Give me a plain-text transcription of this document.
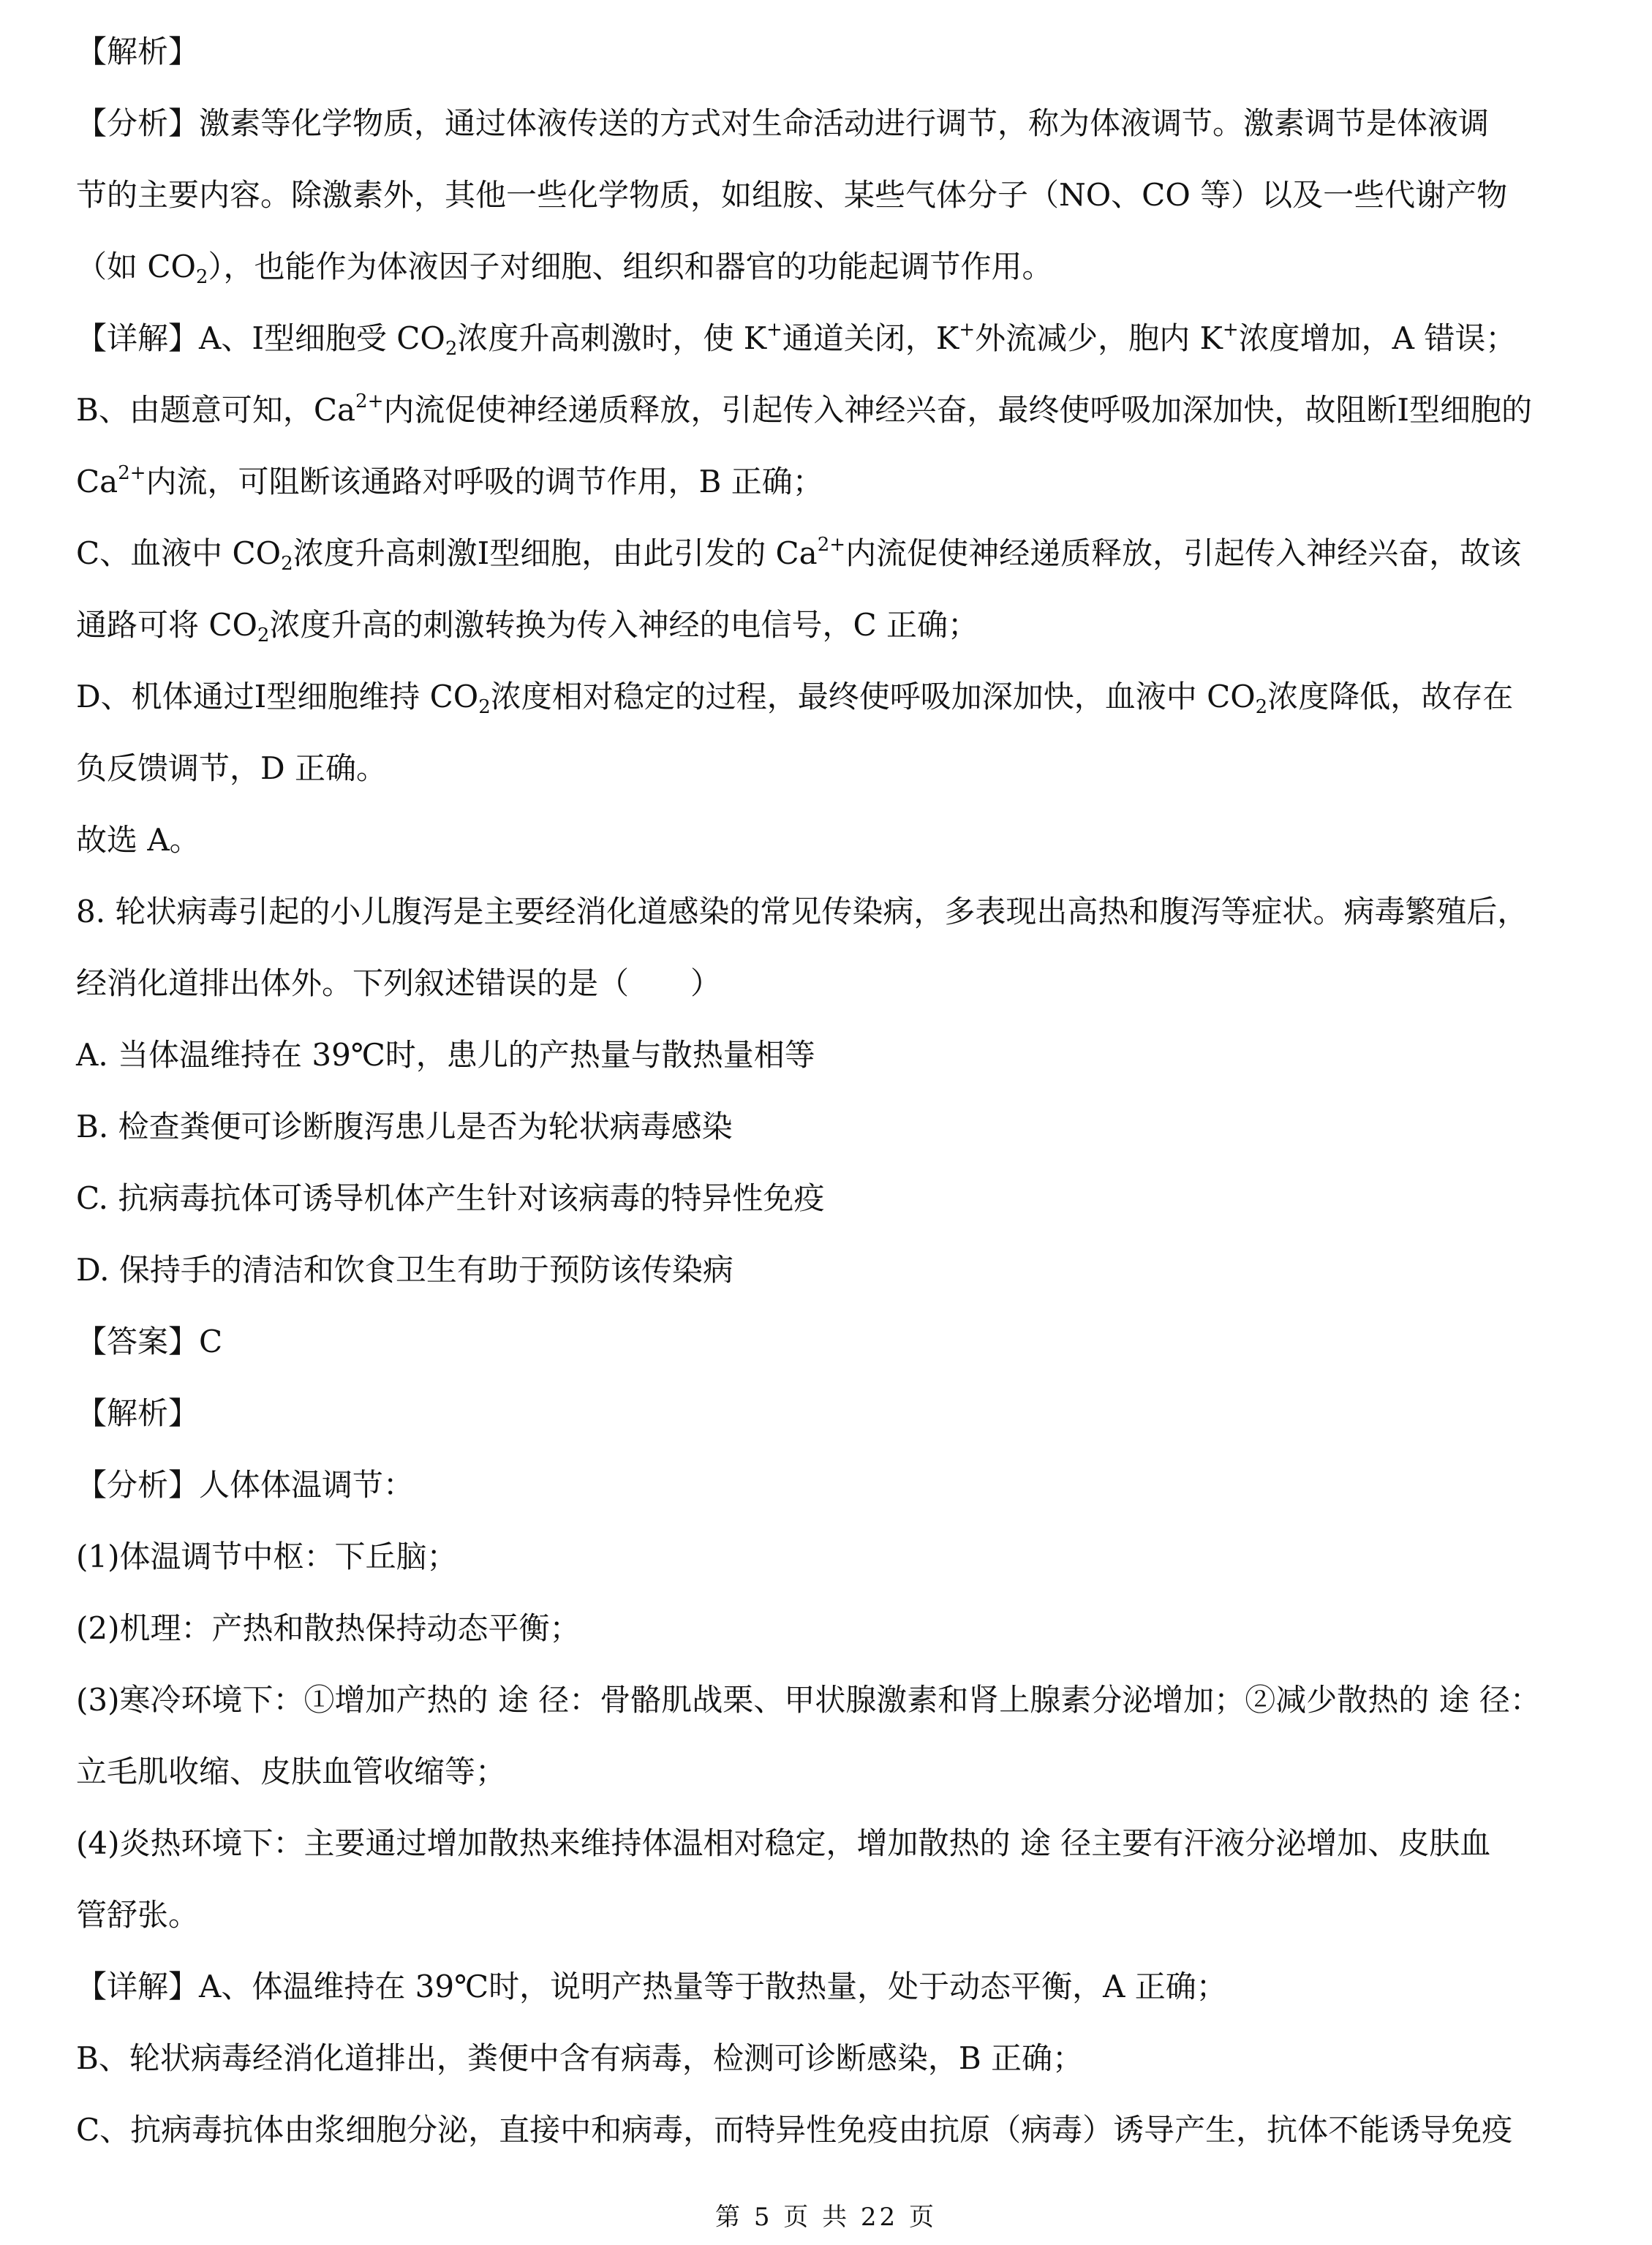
【解析】
【分析】激素等化学物质，通过体液传送的方式对生命活动进行调节，称为体液调节。激素调节是体液调
节的主要内容。除激素外，其他一些化学物质，如组胺、某些气体分子（NO、CO 等）以及一些代谢产物
（如 $CO_2$），也能作为体液因子对细胞、组织和器官的功能起调节作用。
【详解】A、I型细胞受 $CO_2$浓度升高刺激时，使 K+通道关闭，K+外流减少，胞内 K+浓度增加，A 错误；
B、由题意可知，$Ca^{2+}$内流促使神经递质释放，引起传入神经兴奋，最终使呼吸加深加快，故阻断I型细胞的
$Ca^{2+}$内流，可阻断该通路对呼吸的调节作用，B 正确；
C、血液中 $CO_2$浓度升高刺激I型细胞，由此引发的 $Ca^{2+}$内流促使神经递质释放，引起传入神经兴奋，故该
通路可将 $CO_2$浓度升高的刺激转换为传入神经的电信号，C 正确；
D、机体通过I型细胞维持 $CO_2$浓度相对稳定的过程，最终使呼吸加深加快，血液中 $CO_2$浓度降低，故存在
负反馈调节，D 正确。
故选 A。
8. 轮状病毒引起的小儿腹泻是主要经消化道感染的常见传染病，多表现出高热和腹泻等症状。病毒繁殖后，
经消化道排出体外。下列叙述错误的是（　　）
A. 当体温维持在 39℃时，患儿的产热量与散热量相等
B. 检查粪便可诊断腹泻患儿是否为轮状病毒感染
C. 抗病毒抗体可诱导机体产生针对该病毒的特异性免疫
D. 保持手的清洁和饮食卫生有助于预防该传染病
【答案】C
【解析】
【分析】人体体温调节：
(1)体温调节中枢：下丘脑；
(2)机理：产热和散热保持动态平衡；
(3)寒冷环境下：①增加产热的 途 径：骨骼肌战栗、甲状腺激素和肾上腺素分泌增加；②减少散热的 途 径：
立毛肌收缩、皮肤血管收缩等；
(4)炎热环境下：主要通过增加散热来维持体温相对稳定，增加散热的 途 径主要有汗液分泌增加、皮肤血
管舒张。
【详解】A、体温维持在 39℃时，说明产热量等于散热量，处于动态平衡，A 正确；
B、轮状病毒经消化道排出，粪便中含有病毒，检测可诊断感染，B 正确；
C、抗病毒抗体由浆细胞分泌，直接中和病毒，而特异性免疫由抗原（病毒）诱导产生，抗体不能诱导免疫
第 5 页 共 22 页
